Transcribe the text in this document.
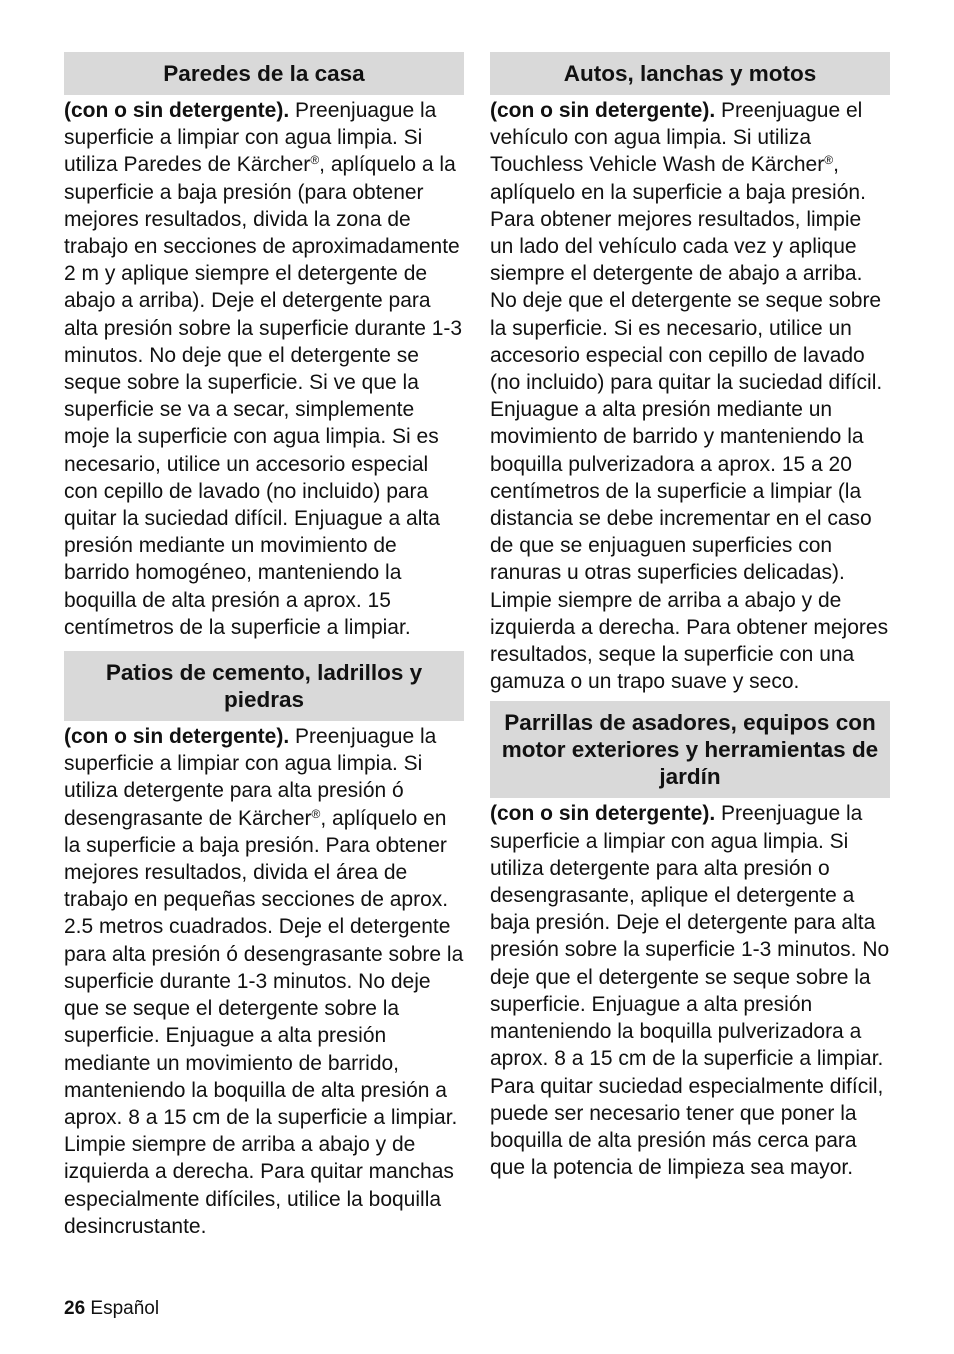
Paredes de la casa

(con o sin detergente). Preenjuague la superficie a limpiar con agua limpia. Si utiliza Paredes de Kärcher®, aplíquelo a la superficie a baja presión (para obtener mejores resultados, divida la zona de trabajo en secciones de aproximadamente 2 m y aplique siempre el detergente de abajo a arriba). Deje el detergente para alta presión sobre la superficie durante 1-3 minutos. No deje que el detergente se seque sobre la superficie. Si ve que la superficie se va a secar, simplemente moje la superficie con agua limpia. Si es necesario, utilice un accesorio especial con cepillo de lavado (no incluido) para quitar la suciedad difícil. Enjuague a alta presión mediante un movimiento de barrido homogéneo, manteniendo la boquilla de alta presión a aprox. 15 centímetros de la superficie a limpiar.

Patios de cemento, ladrillos y piedras

(con o sin detergente). Preenjuague la superficie a limpiar con agua limpia. Si utiliza detergente para alta presión ó desengrasante de Kärcher®, aplíquelo en la superficie a baja presión. Para obtener mejores resultados, divida el área de trabajo en pequeñas secciones de aprox. 2.5 metros cuadrados. Deje el detergente para alta presión ó desengrasante sobre la superficie durante 1-3 minutos. No deje que se seque el detergente sobre la superficie. Enjuague a alta presión mediante un movimiento de barrido, manteniendo la boquilla de alta presión a aprox. 8 a 15 cm de la superficie a limpiar. Limpie siempre de arriba a abajo y de izquierda a derecha. Para quitar manchas especialmente difíciles, utilice la boquilla desincrustante.

Autos, lanchas y motos

(con o sin detergente). Preenjuague el vehículo con agua limpia. Si utiliza Touchless Vehicle Wash de Kärcher®, aplíquelo en la superficie a baja presión. Para obtener mejores resultados, limpie un lado del vehículo cada vez y aplique siempre el detergente de abajo a arriba. No deje que el detergente se seque sobre la superficie. Si es necesario, utilice un accesorio especial con cepillo de lavado (no incluido) para quitar la suciedad difícil. Enjuague a alta presión mediante un movimiento de barrido y manteniendo la boquilla pulverizadora a aprox. 15 a 20 centímetros de la superficie a limpiar (la distancia se debe incrementar en el caso de que se enjuaguen superficies con ranuras u otras superficies delicadas). Limpie siempre de arriba a abajo y de izquierda a derecha. Para obtener mejores resultados, seque la superficie con una gamuza o un trapo suave y seco.

Parrillas de asadores, equipos con motor exteriores y herramientas de jardín

(con o sin detergente). Preenjuague la superficie a limpiar con agua limpia. Si utiliza detergente para alta presión o desengrasante, aplique el detergente a baja presión. Deje el detergente para alta presión sobre la superficie 1-3 minutos. No deje que el detergente se seque sobre la superficie. Enjuague a alta presión manteniendo la boquilla pulverizadora a aprox. 8 a 15 cm de la superficie a limpiar. Para quitar suciedad especialmente difícil, puede ser necesario tener que poner la boquilla de alta presión más cerca para que la potencia de limpieza sea mayor.

26 Español
